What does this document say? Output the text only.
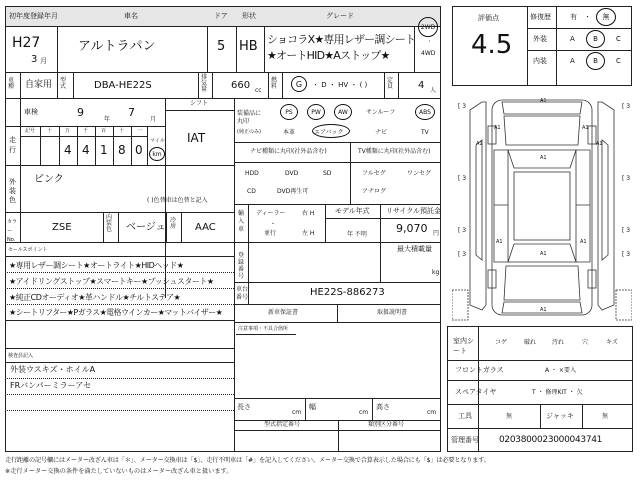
初年度登録年月	車名	ドア 形状	グレード
H27
3 月
アルトラパン	5 HB ショコラX★専用レザー調シート
★オートHID★Aストップ★
2WD
・
4WD
評価点
4.5
修復歴	有 ・ 無
外装	A	B	C
内装	A	B	C
車種 自家用 型式	DBA-HE22S
排気量 660 cc
燃料 G ・ D ・ HV ・ ( )
定員 4 人
車検	9
年
7
月
シフト
IAT
走行
記号 十	万	千	百	十	一
4 4 1 8 0
マイル
km
装備品に丸印
(純正のみ)
PS	PW	AW	サンルーフ	ABS
本革	エアバック	ナビ	TV
ナビ種類に丸印(社外品含む)	TV種類に丸印(社外品含む)
HDD	DVD	SD
CD	DVD再生可
フルセグ	ワンセグ
アナログ
外装色
ピンク
( )色替車は色替と記入
カラーNo.
ZSE
内装色 ベージュ
冷房 AAC
輸入車
ディーラー
並行
・
右 H
左 H
モデル年式
年 不明
リサイクル預託金
9,070 円
最大積載量
kg
登録番号
車台番号	HE22S-886273
新車保証書	取扱説明書
注意事項・不具合箇所
セールスポイント
★専用レザー調シート★オートライト★HIDヘッド★
★アイドリングストップ★スマートキー★プッシュスタート★
★純正CDオーディオ★革ハンドル★チルトステア★
★シートリフター★Pガラス★電格ウインカー★マットバイザー★
検査員記入
外装ウスキズ・ホイルA
FRバンパーミラーアセ
長さ
cm
幅
cm
高さ
cm
型式指定番号	類別区分番号
[ 3	[ 3
[ 3	[ 3
[ 3	[ 3
[ 3	[ 3
A1
A1	A1
A1
A1
A1
A1
A1
A1
A1
室内シート
コゲ	破れ	汚れ	穴	キズ
フロントガラス	A ・ ×要入
スペアタイヤ	T ・ 修理KIT ・ 欠
工具	無	ジャッキ	無
管理番号 0203800023000043741
走行距離の記号欄にはメーター改ざん車は「＊」、メーター交換車は「$」、走行不明車は「#」を記入してください。メーター交換で合算表示した場合にも「$」は必要となります。
※走行メーター交換の条件を満たしていないものはメーター改ざん車と扱います。
